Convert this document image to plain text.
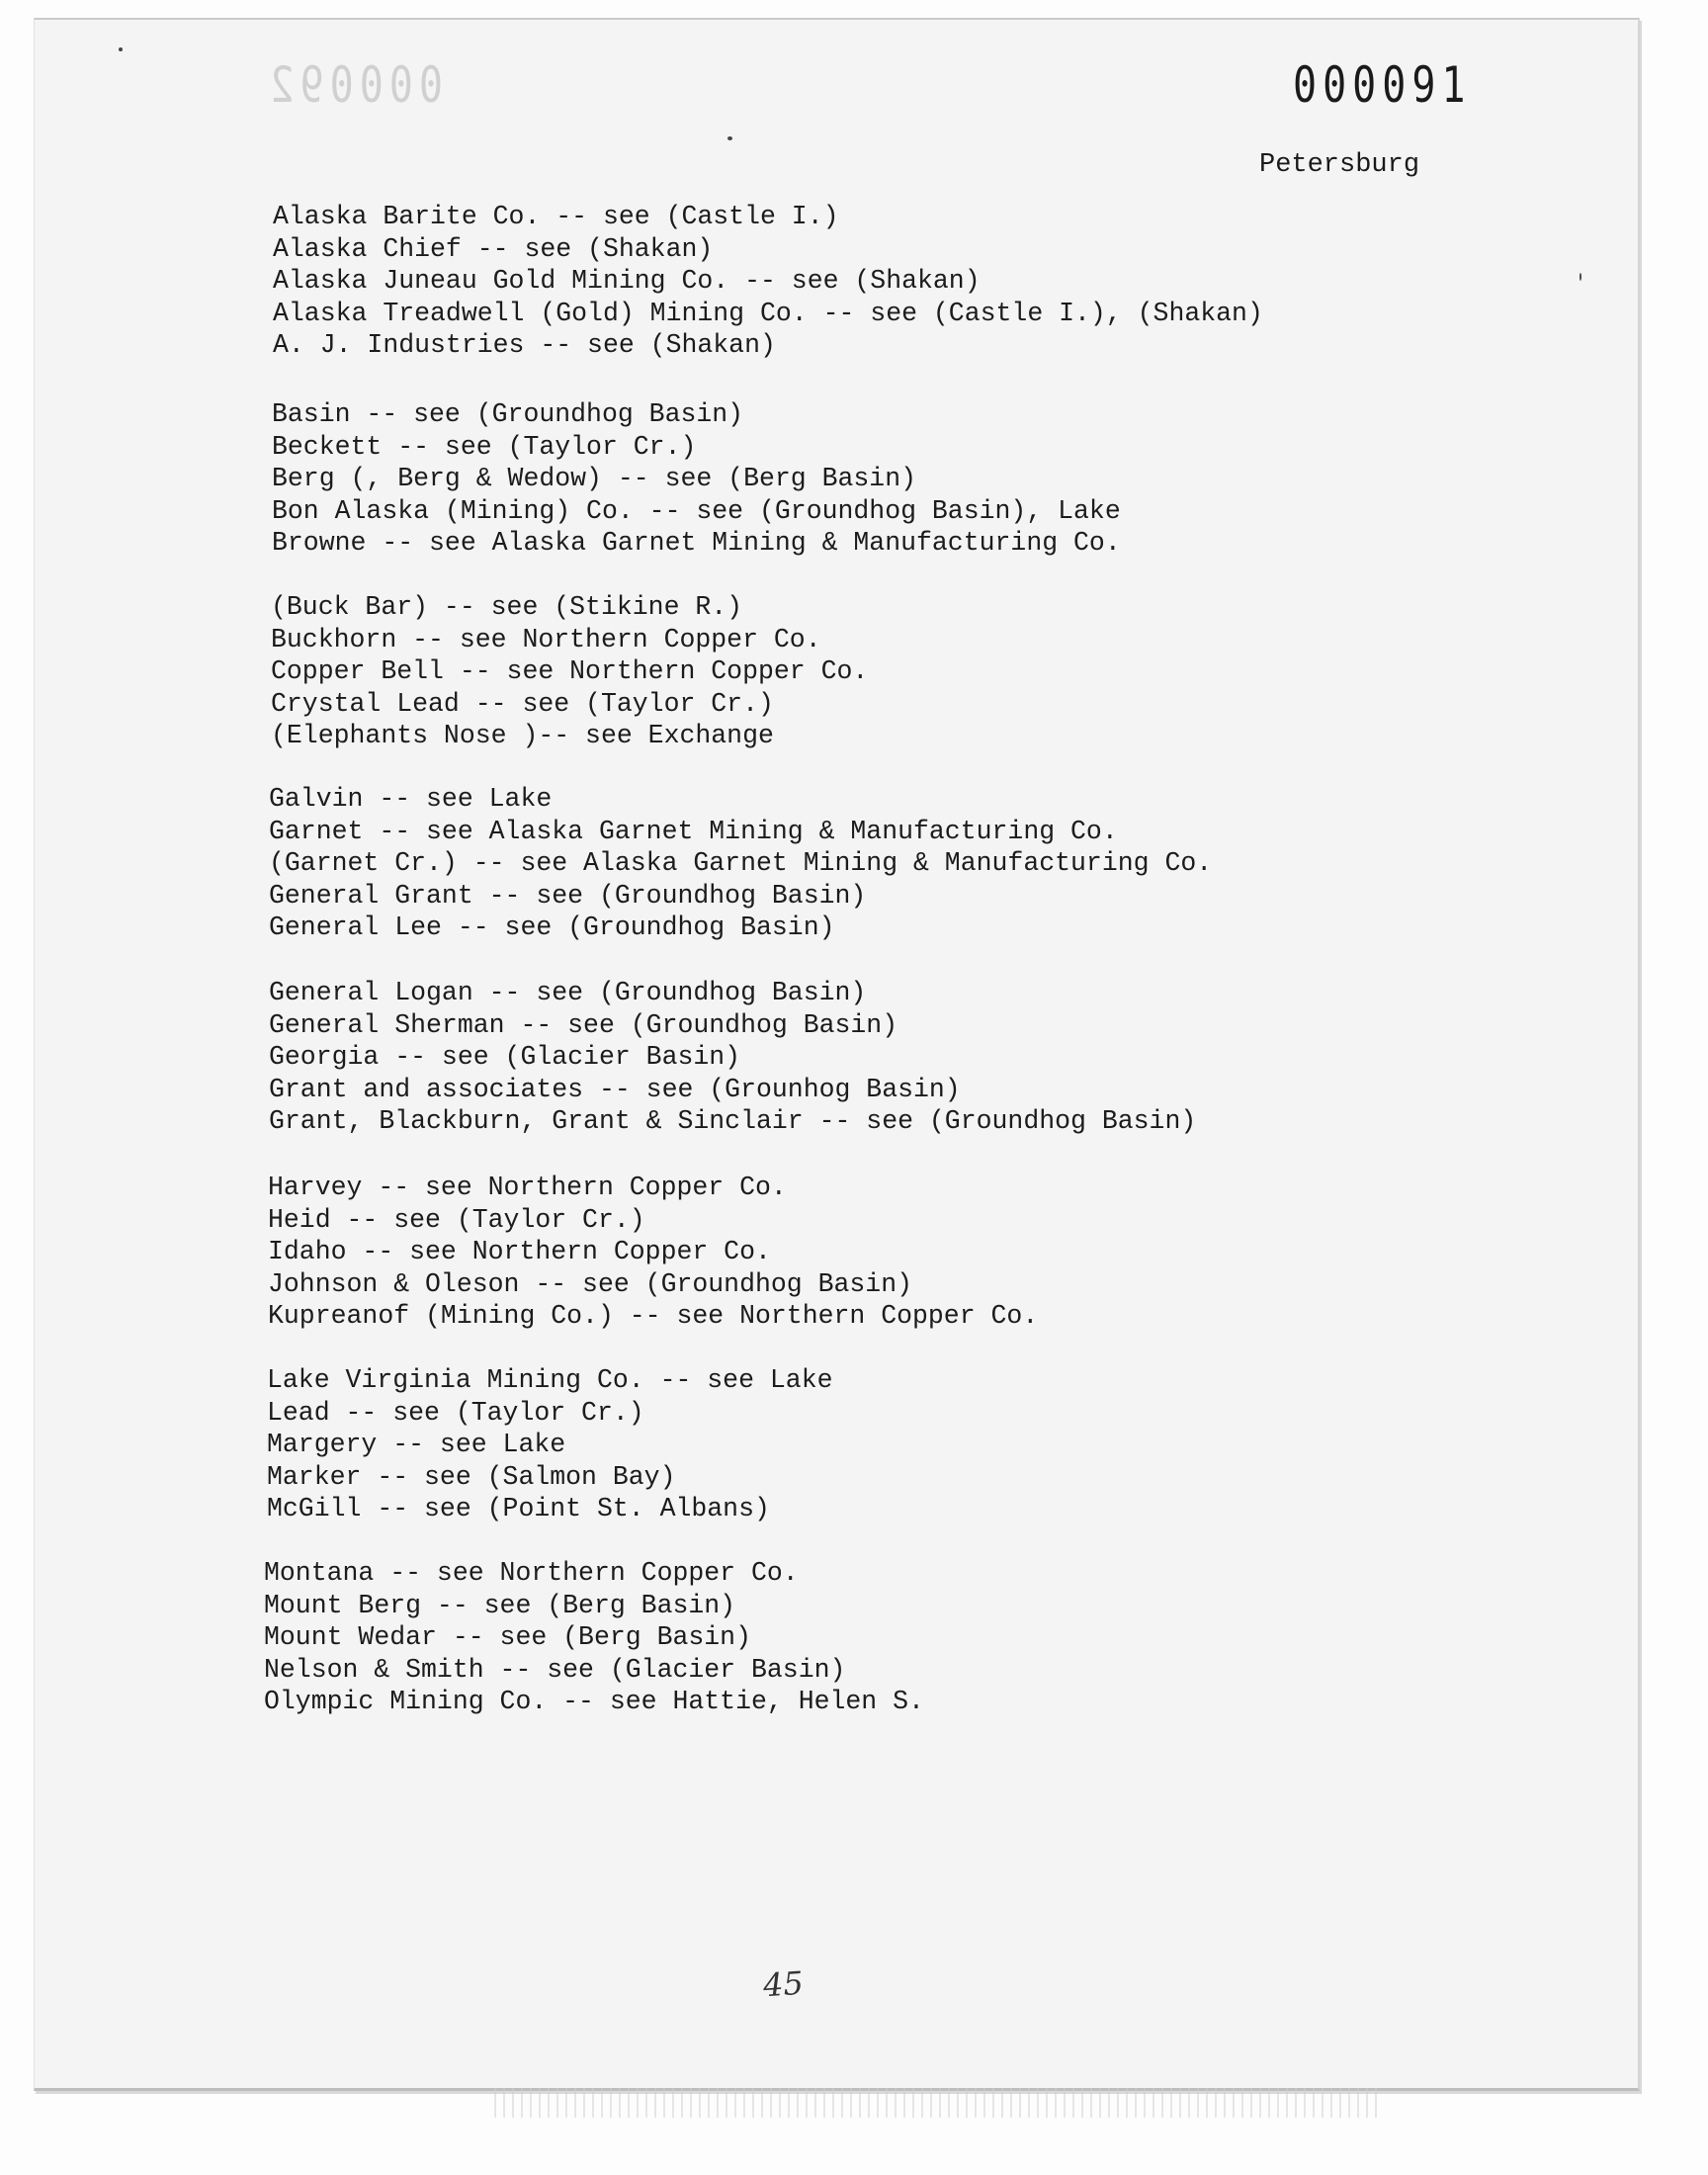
000092	000091
Petersburg
Alaska Barite Co. -- see (Castle I.)
Alaska Chief -- see (Shakan)
Alaska Juneau Gold Mining Co. -- see (Shakan)
Alaska Treadwell (Gold) Mining Co. -- see (Castle I.), (Shakan)
A. J. Industries -- see (Shakan)
Basin -- see (Groundhog Basin)
Beckett -- see (Taylor Cr.)
Berg (, Berg & Wedow) -- see (Berg Basin)
Bon Alaska (Mining) Co. -- see (Groundhog Basin), Lake
Browne -- see Alaska Garnet Mining & Manufacturing Co.
(Buck Bar) -- see (Stikine R.)
Buckhorn -- see Northern Copper Co.
Copper Bell -- see Northern Copper Co.
Crystal Lead -- see (Taylor Cr.)
(Elephants Nose )-- see Exchange
Galvin -- see Lake
Garnet -- see Alaska Garnet Mining & Manufacturing Co.
(Garnet Cr.) -- see Alaska Garnet Mining & Manufacturing Co.
General Grant -- see (Groundhog Basin)
General Lee -- see (Groundhog Basin)
General Logan -- see (Groundhog Basin)
General Sherman -- see (Groundhog Basin)
Georgia -- see (Glacier Basin)
Grant and associates -- see (Grounhog Basin)
Grant, Blackburn, Grant & Sinclair -- see (Groundhog Basin)
Harvey -- see Northern Copper Co.
Heid -- see (Taylor Cr.)
Idaho -- see Northern Copper Co.
Johnson & Oleson -- see (Groundhog Basin)
Kupreanof (Mining Co.) -- see Northern Copper Co.
Lake Virginia Mining Co. -- see Lake
Lead -- see (Taylor Cr.)
Margery -- see Lake
Marker -- see (Salmon Bay)
McGill -- see (Point St. Albans)
Montana -- see Northern Copper Co.
Mount Berg -- see (Berg Basin)
Mount Wedar -- see (Berg Basin)
Nelson & Smith -- see (Glacier Basin)
Olympic Mining Co. -- see Hattie, Helen S.
45
